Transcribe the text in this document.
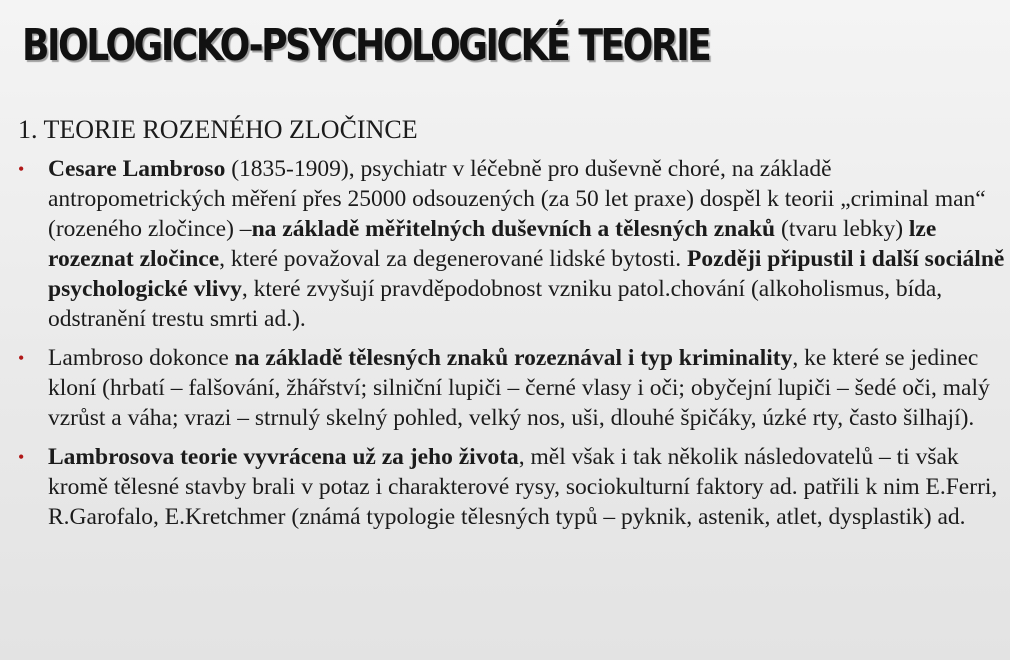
BIOLOGICKO-PSYCHOLOGICKÉ TEORIE
1. TEORIE ROZENÉHO ZLOČINCE
• Cesare Lambroso (1835-1909), psychiatr v léčebně pro duševně choré, na základě antropometrických měření přes 25000 odsouzených (za 50 let praxe) dospěl k teorii „criminal man“ (rozeného zločince) –na základě měřitelných duševních a tělesných znaků (tvaru lebky) lze rozeznat zločince, které považoval za degenerované lidské bytosti. Později připustil i další sociálně psychologické vlivy, které zvyšují pravděpodobnost vzniku patol.chování (alkoholismus, bída, odstranění trestu smrti ad.).
• Lambroso dokonce na základě tělesných znaků rozeznával i typ kriminality, ke které se jedinec kloní (hrbatí – falšování, žhářství; silniční lupiči – černé vlasy i oči; obyčejní lupiči – šedé oči, malý vzrůst a váha; vrazi – strnulý skelný pohled, velký nos, uši, dlouhé špičáky, úzké rty, často šilhají).
• Lambrosova teorie vyvrácena už za jeho života, měl však i tak několik následovatelů – ti však kromě tělesné stavby brali v potaz i charakterové rysy, sociokulturní faktory ad. patřili k nim E.Ferri, R.Garofalo, E.Kretchmer (známá typologie tělesných typů – pyknik, astenik, atlet, dysplastik) ad.
